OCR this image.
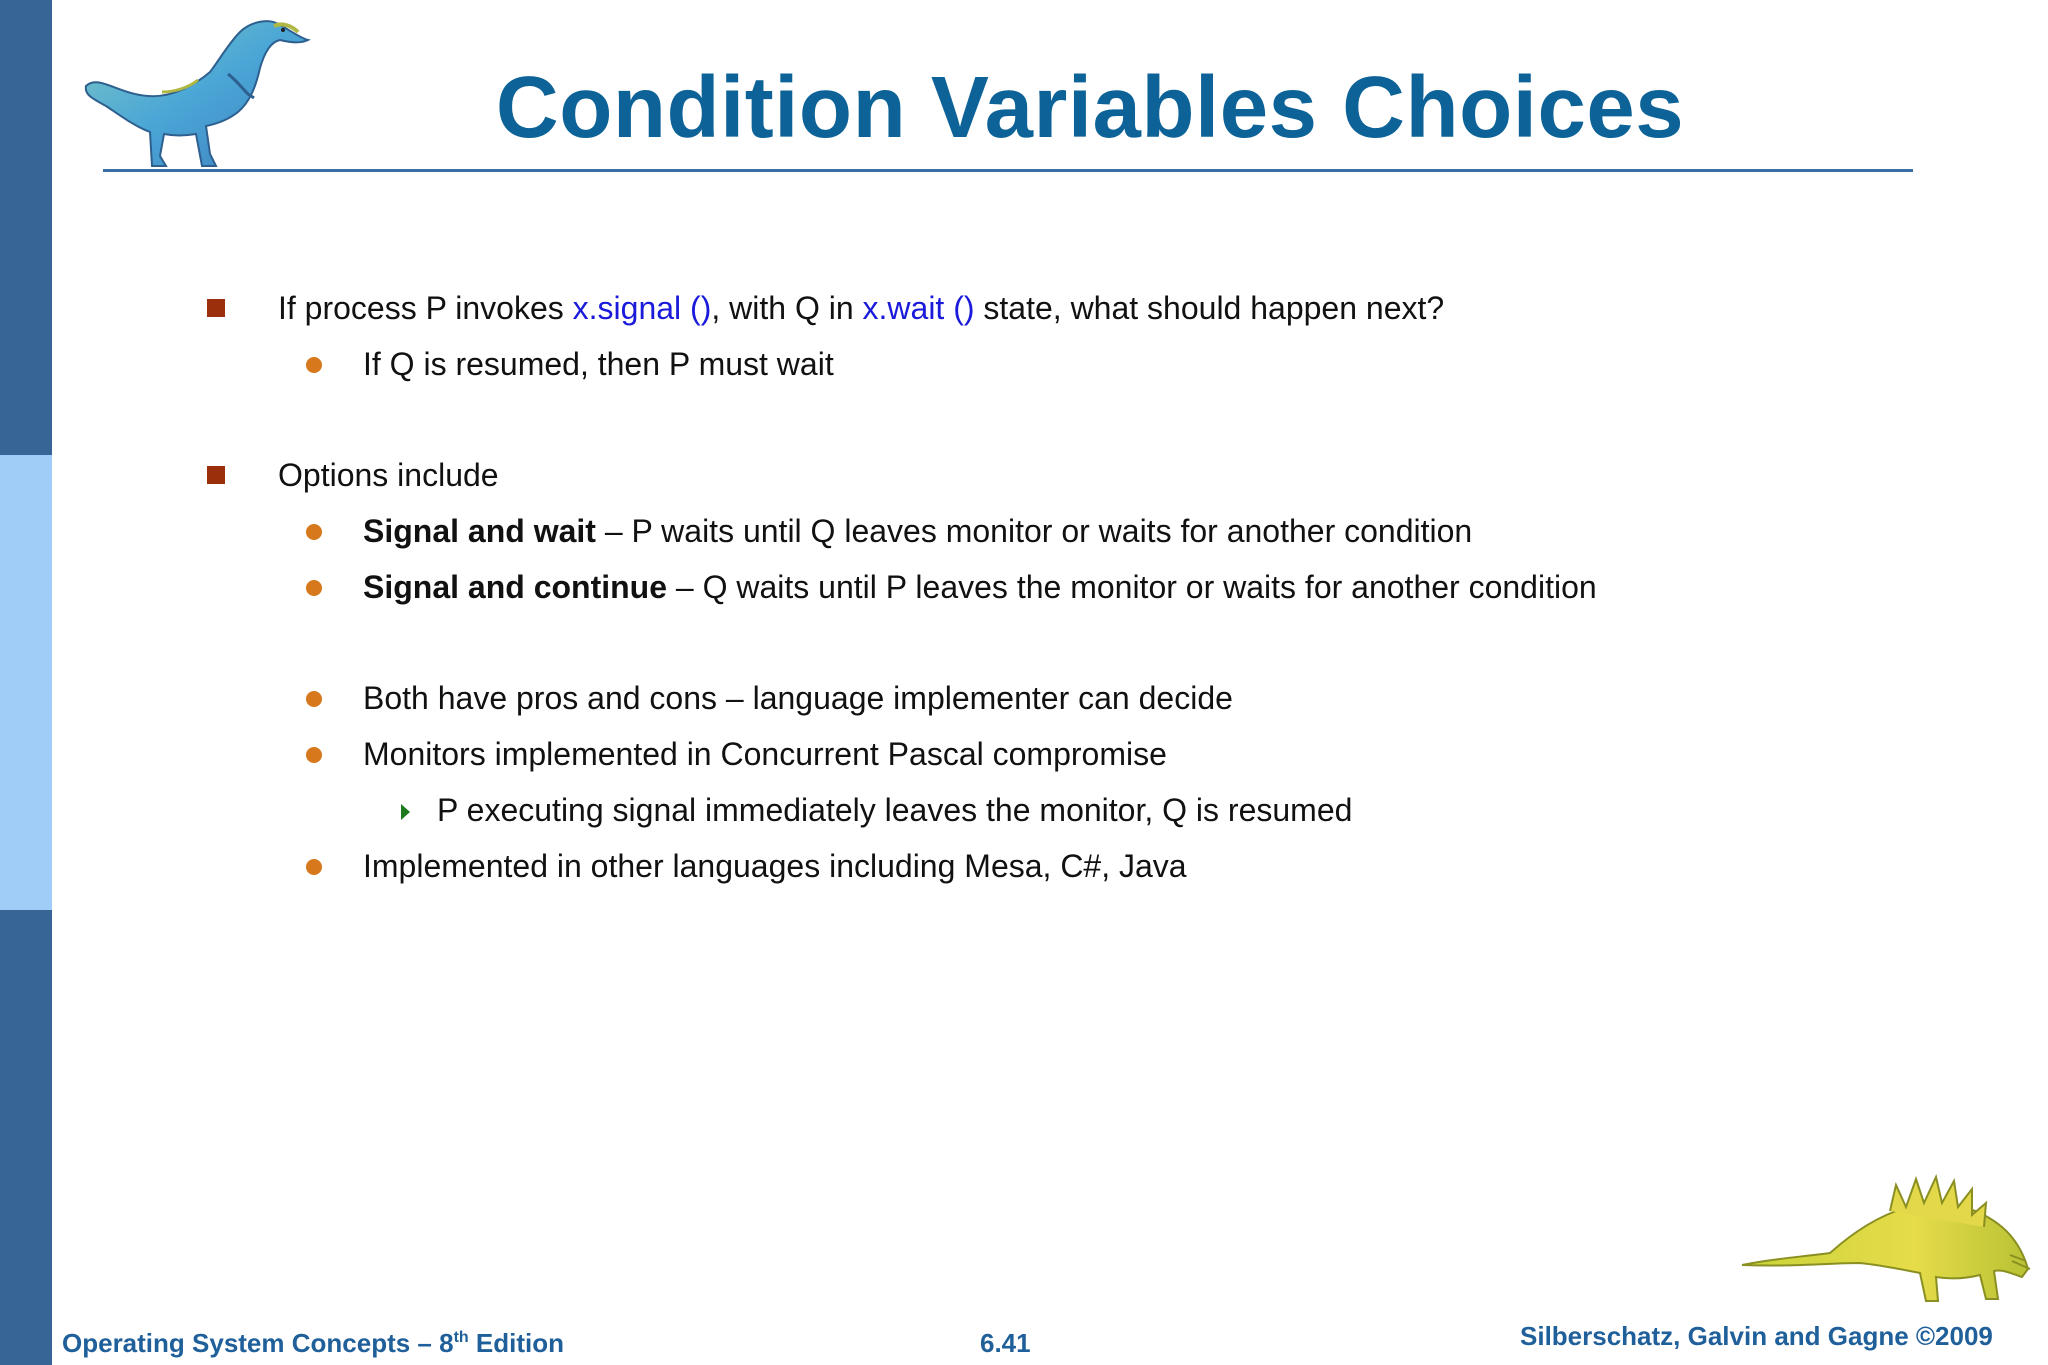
Condition Variables Choices
If process P invokes x.signal (), with Q in x.wait () state, what should happen next?
If Q is resumed, then P must wait
Options include
Signal and wait – P waits until Q leaves monitor or waits for another condition
Signal and continue – Q waits until P leaves the monitor or waits for another condition
Both have pros and cons – language implementer can decide
Monitors implemented in Concurrent Pascal compromise
P executing signal immediately leaves the monitor, Q is resumed
Implemented in other languages including Mesa, C#, Java
Operating System Concepts – 8th Edition	6.41	Silberschatz, Galvin and Gagne ©2009
